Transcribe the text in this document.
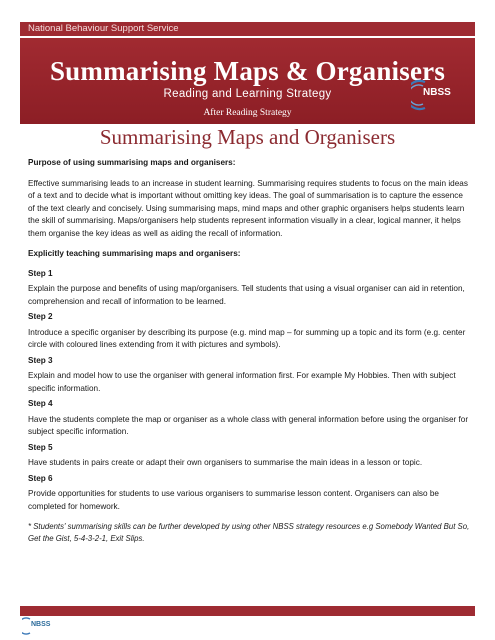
National Behaviour Support Service
Summarising Maps & Organisers
Reading and Learning Strategy
After Reading Strategy
NBSS
Summarising Maps and Organisers

Purpose of using summarising maps and organisers:

Effective summarising leads to an increase in student learning. Summarising requires students to focus on the main ideas of a text and to decide what is important without omitting key ideas. The goal of summarisation is to capture the essence of the text clearly and concisely. Using summarising maps, mind maps and other graphic organisers helps students learn the skill of summarising. Maps/organisers help students represent information visually in a clear, logical manner, it helps them organise the key ideas as well as aiding the recall of information.

Explicitly teaching summarising maps and organisers:

Step 1

Explain the purpose and benefits of using map/organisers. Tell students that using a visual organiser can aid in retention, comprehension and recall of information to be learned.

Step 2

Introduce a specific organiser by describing its purpose (e.g. mind map – for summing up a topic and its form (e.g. center circle with coloured lines extending from it with pictures and symbols).

Step 3

Explain and model how to use the organiser with general information first. For example My Hobbies. Then with subject specific information.

Step 4

Have the students complete the map or organiser as a whole class with general information before using the organiser for subject specific information.

Step 5

Have students in pairs create or adapt their own organisers to summarise the main ideas in a lesson or topic.

Step 6

Provide opportunities for students to use various organisers to summarise lesson content. Organisers can also be completed for homework.

* Students' summarising skills can be further developed by using other NBSS strategy resources e.g Somebody Wanted But So, Get the Gist, 5-4-3-2-1, Exit Slips.

NBSS
